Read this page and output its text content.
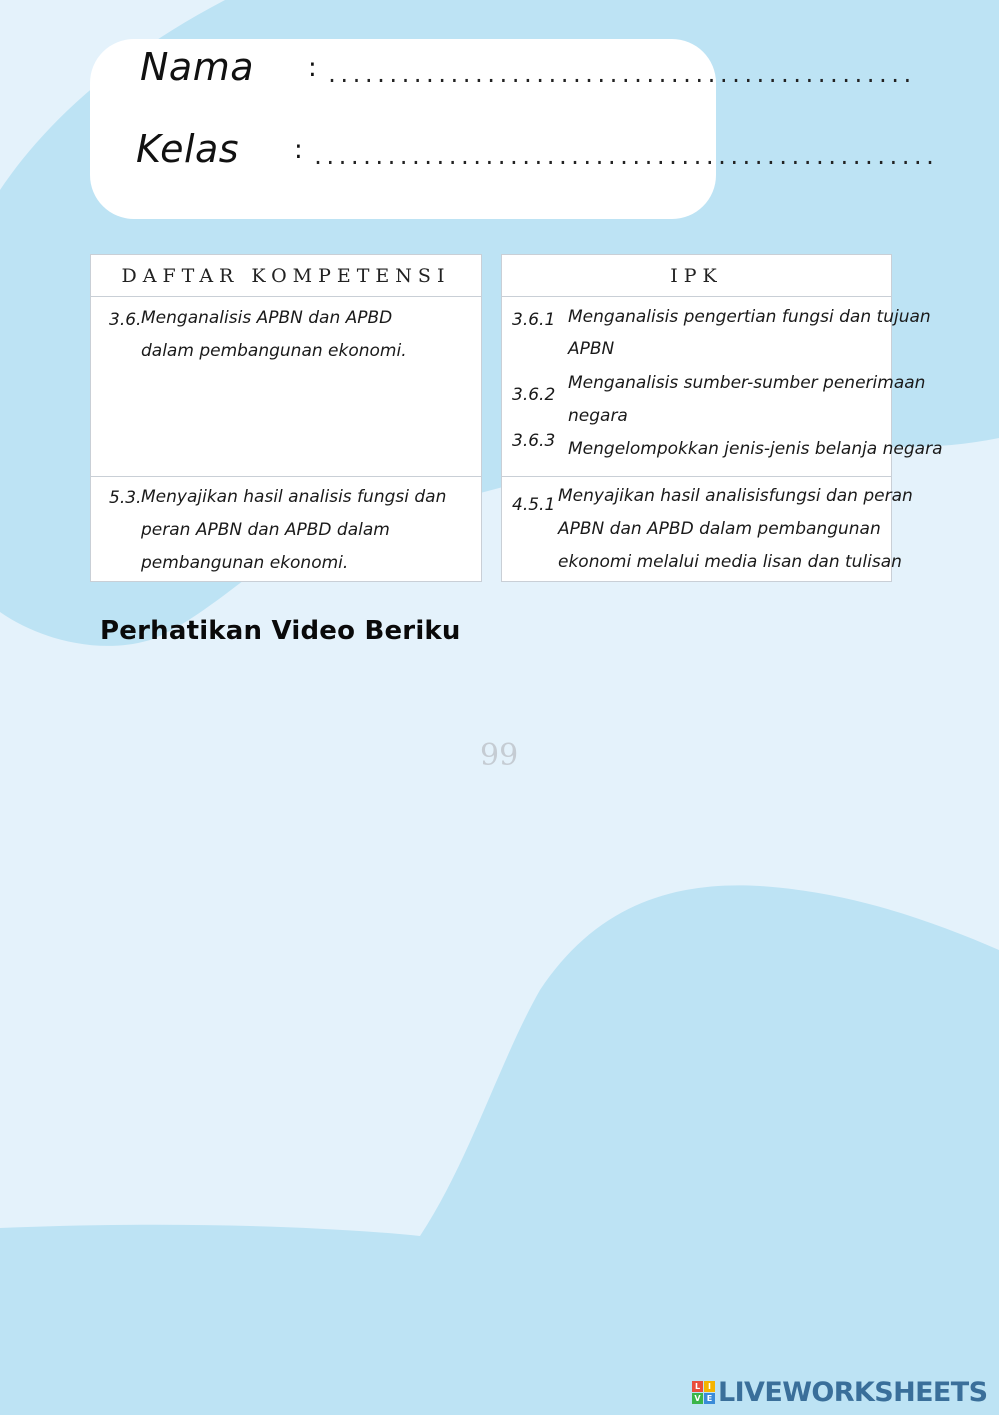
Nama : ................................................
Kelas : ...................................................
DAFTAR KOMPETENSI
3.6. Menganalisis APBN dan APBD
dalam pembangunan ekonomi.
5.3. Menyajikan hasil analisis fungsi dan
peran APBN dan APBD dalam
pembangunan ekonomi.
IPK
3.6.1 Menganalisis pengertian fungsi dan tujuan
APBN
3.6.2
Menganalisis sumber-sumber penerimaan
negara
3.6.3 Mengelompokkan jenis-jenis belanja negara
4.5.1 Menyajikan hasil analisisfungsi dan peran
APBN dan APBD dalam pembangunan
ekonomi melalui media lisan dan tulisan
Perhatikan Video Beriku
99
L I
V E LIVEWORKSHEETS
